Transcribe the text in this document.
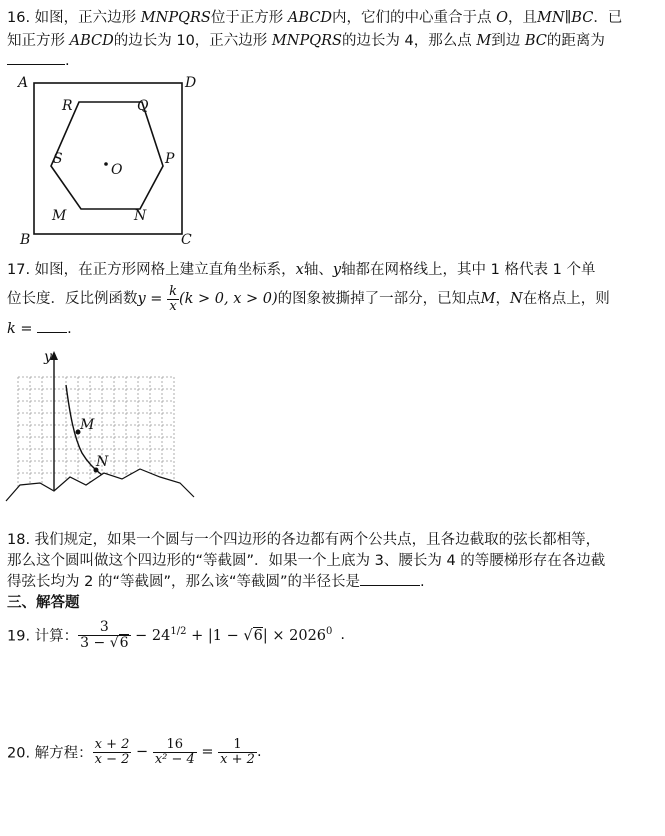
16. 如图，正六边形 MNPQRS位于正方形 ABCD内，它们的中心重合于点 O，且MN∥BC．已
知正方形 ABCD的边长为 10，正六边形 MNPQRS的边长为 4，那么点 M到边 BC的距离为
.
A	D
B	C
R	Q
S	P
M	N
O
17. 如图，在正方形网格上建立直角坐标系，x轴、y轴都在网格线上，其中 1 格代表 1 个单
位长度．反比例函数$y = \frac{k}{x} (k > 0$, x > 0)的图象被撕掉了一部分，已知点M，N在格点上，则
k = .
y
M
N
18. 我们规定，如果一个圆与一个四边形的各边都有两个公共点，且各边截取的弦长都相等，
那么这个圆叫做这个四边形的“等截圆”．如果一个上底为 3、腰长为 4 的等腰梯形存在各边截
得弦长均为 2 的“等截圆”，那么该“等截圆”的半径长是	.
三、解答题
19. 计算： $\frac{3}{3 - √6} - 24^{1/2} + |1 - √6| \times 2026^0$ .
20. 解方程： $\frac{x + 2}{x - 2} - \frac{16}{\text{x² − 4}} = \frac{1}{x + 2}$ .
